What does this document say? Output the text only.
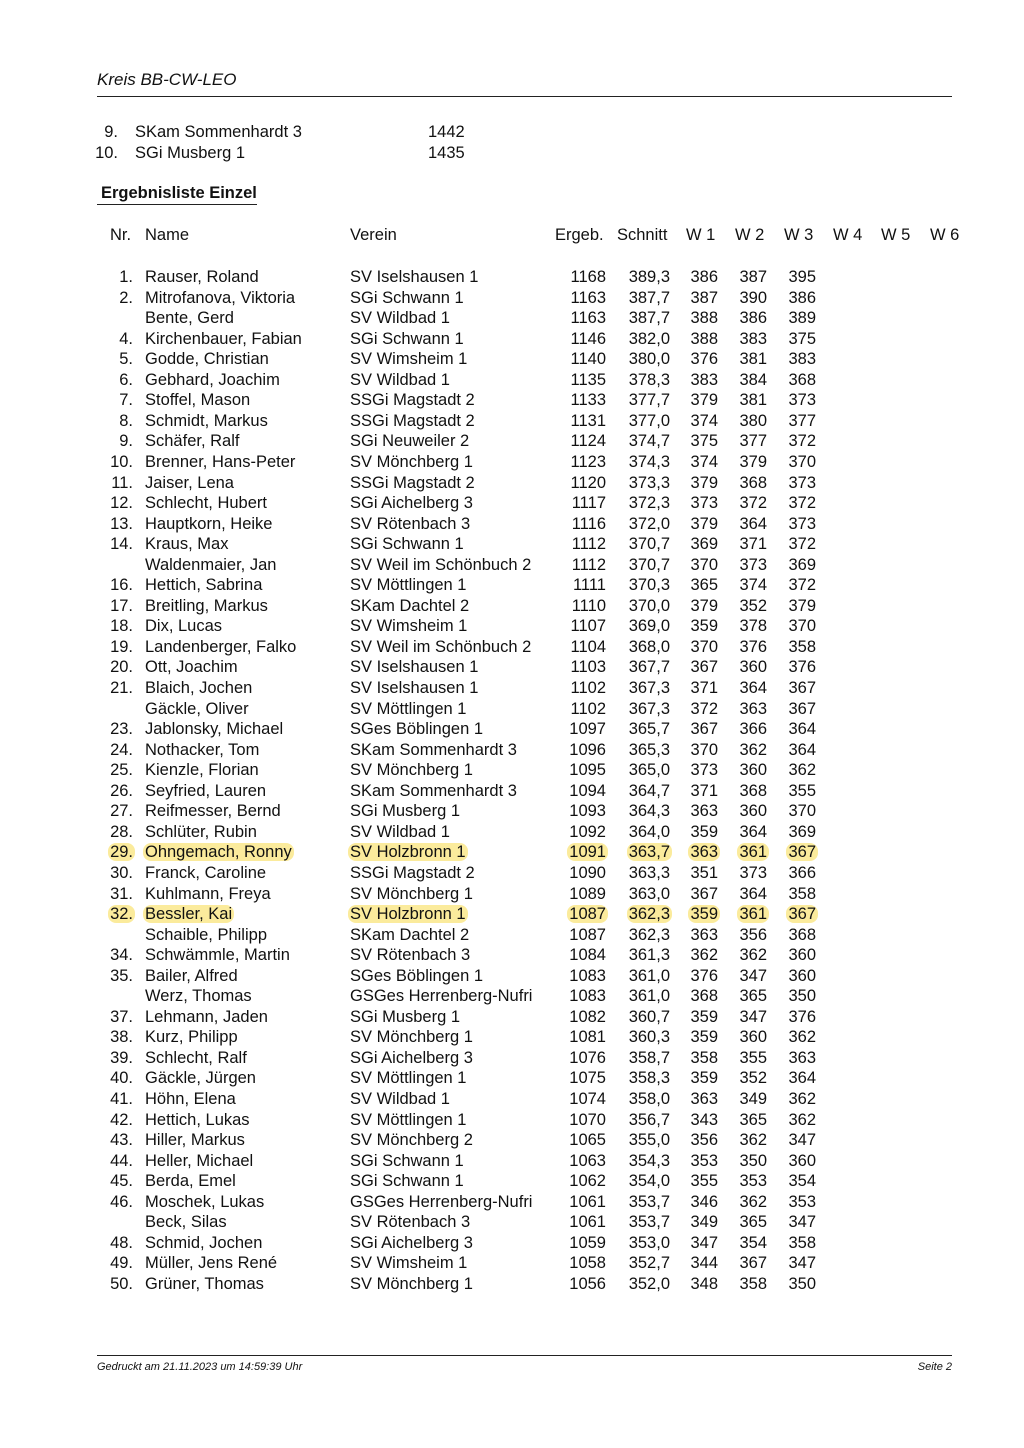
Kreis BB-CW-LEO
9. SKam Sommenhardt 3	1442
10. SGi Musberg 1	1435
Ergebnisliste Einzel
Nr. Name	Verein	Ergeb. Schnitt W 1 W 2 W 3 W 4 W 5 W 6
1. Rauser, Roland	SV Iselshausen 1	1168	389,3	386	387	395
2. Mitrofanova, Viktoria	SGi Schwann 1	1163	387,7	387	390	386
Bente, Gerd	SV Wildbad 1	1163	387,7	388	386	389
4. Kirchenbauer, Fabian	SGi Schwann 1	1146	382,0	388	383	375
5. Godde, Christian	SV Wimsheim 1	1140	380,0	376	381	383
6. Gebhard, Joachim	SV Wildbad 1	1135	378,3	383	384	368
7. Stoffel, Mason	SSGi Magstadt 2	1133	377,7	379	381	373
8. Schmidt, Markus	SSGi Magstadt 2	1131	377,0	374	380	377
9. Schäfer, Ralf	SGi Neuweiler 2	1124	374,7	375	377	372
10. Brenner, Hans-Peter	SV Mönchberg 1	1123	374,3	374	379	370
11. Jaiser, Lena	SSGi Magstadt 2	1120	373,3	379	368	373
12. Schlecht, Hubert	SGi Aichelberg 3	1117	372,3	373	372	372
13. Hauptkorn, Heike	SV Rötenbach 3	1116	372,0	379	364	373
14. Kraus, Max	SGi Schwann 1	1112	370,7	369	371	372
Waldenmaier, Jan	SV Weil im Schönbuch 2	1112	370,7	370	373	369
16. Hettich, Sabrina	SV Möttlingen 1	1111	370,3	365	374	372
17. Breitling, Markus	SKam Dachtel 2	1110	370,0	379	352	379
18. Dix, Lucas	SV Wimsheim 1	1107	369,0	359	378	370
19. Landenberger, Falko	SV Weil im Schönbuch 2	1104	368,0	370	376	358
20. Ott, Joachim	SV Iselshausen 1	1103	367,7	367	360	376
21. Blaich, Jochen	SV Iselshausen 1	1102	367,3	371	364	367
Gäckle, Oliver	SV Möttlingen 1	1102	367,3	372	363	367
23. Jablonsky, Michael	SGes Böblingen 1	1097	365,7	367	366	364
24. Nothacker, Tom	SKam Sommenhardt 3	1096	365,3	370	362	364
25. Kienzle, Florian	SV Mönchberg 1	1095	365,0	373	360	362
26. Seyfried, Lauren	SKam Sommenhardt 3	1094	364,7	371	368	355
27. Reifmesser, Bernd	SGi Musberg 1	1093	364,3	363	360	370
28. Schlüter, Rubin	SV Wildbad 1	1092	364,0	359	364	369
29. Ohngemach, Ronny	SV Holzbronn 1	1091	363,7	363	361	367
30. Franck, Caroline	SSGi Magstadt 2	1090	363,3	351	373	366
31. Kuhlmann, Freya	SV Mönchberg 1	1089	363,0	367	364	358
32. Bessler, Kai	SV Holzbronn 1	1087	362,3	359	361	367
Schaible, Philipp	SKam Dachtel 2	1087	362,3	363	356	368
34. Schwämmle, Martin	SV Rötenbach 3	1084	361,3	362	362	360
35. Bailer, Alfred	SGes Böblingen 1	1083	361,0	376	347	360
Werz, Thomas	GSGes Herrenberg-Nufri	1083	361,0	368	365	350
37. Lehmann, Jaden	SGi Musberg 1	1082	360,7	359	347	376
38. Kurz, Philipp	SV Mönchberg 1	1081	360,3	359	360	362
39. Schlecht, Ralf	SGi Aichelberg 3	1076	358,7	358	355	363
40. Gäckle, Jürgen	SV Möttlingen 1	1075	358,3	359	352	364
41. Höhn, Elena	SV Wildbad 1	1074	358,0	363	349	362
42. Hettich, Lukas	SV Möttlingen 1	1070	356,7	343	365	362
43. Hiller, Markus	SV Mönchberg 2	1065	355,0	356	362	347
44. Heller, Michael	SGi Schwann 1	1063	354,3	353	350	360
45. Berda, Emel	SGi Schwann 1	1062	354,0	355	353	354
46. Moschek, Lukas	GSGes Herrenberg-Nufri	1061	353,7	346	362	353
Beck, Silas	SV Rötenbach 3	1061	353,7	349	365	347
48. Schmid, Jochen	SGi Aichelberg 3	1059	353,0	347	354	358
49. Müller, Jens René	SV Wimsheim 1	1058	352,7	344	367	347
50. Grüner, Thomas	SV Mönchberg 1	1056	352,0	348	358	350
Gedruckt am 21.11.2023 um 14:59:39 Uhr	Seite 2
